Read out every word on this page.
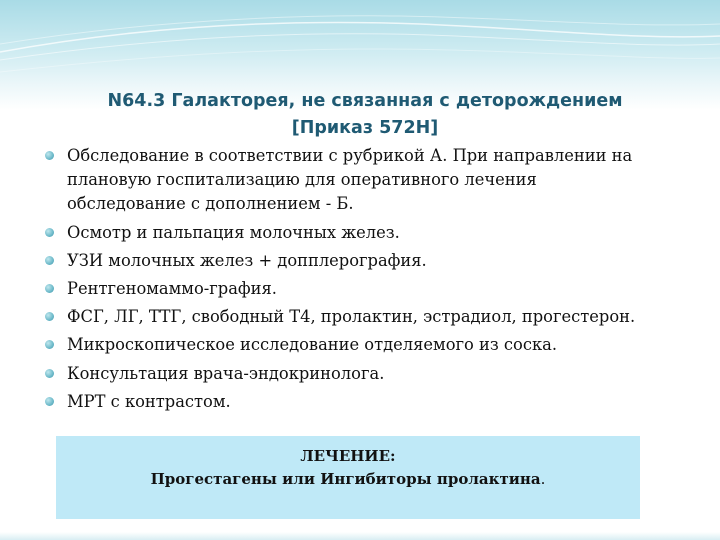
N64.3 Галакторея, не связанная с деторождением
[Приказ 572Н]
Обследование в соответствии с рубрикой А. При направлении на
плановую госпитализацию для оперативного лечения
обследование с дополнением - Б.
Осмотр и пальпация молочных желез.
УЗИ молочных желез + допплерография.
Рентгеномаммо-графия.
ФСГ, ЛГ, ТТГ, свободный Т4, пролактин, эстрадиол, прогестерон.
Микроскопическое исследование отделяемого из соска.
Консультация врача-эндокринолога.
МРТ с контрастом.
ЛЕЧЕНИЕ:
Прогестагены или Ингибиторы пролактина.
